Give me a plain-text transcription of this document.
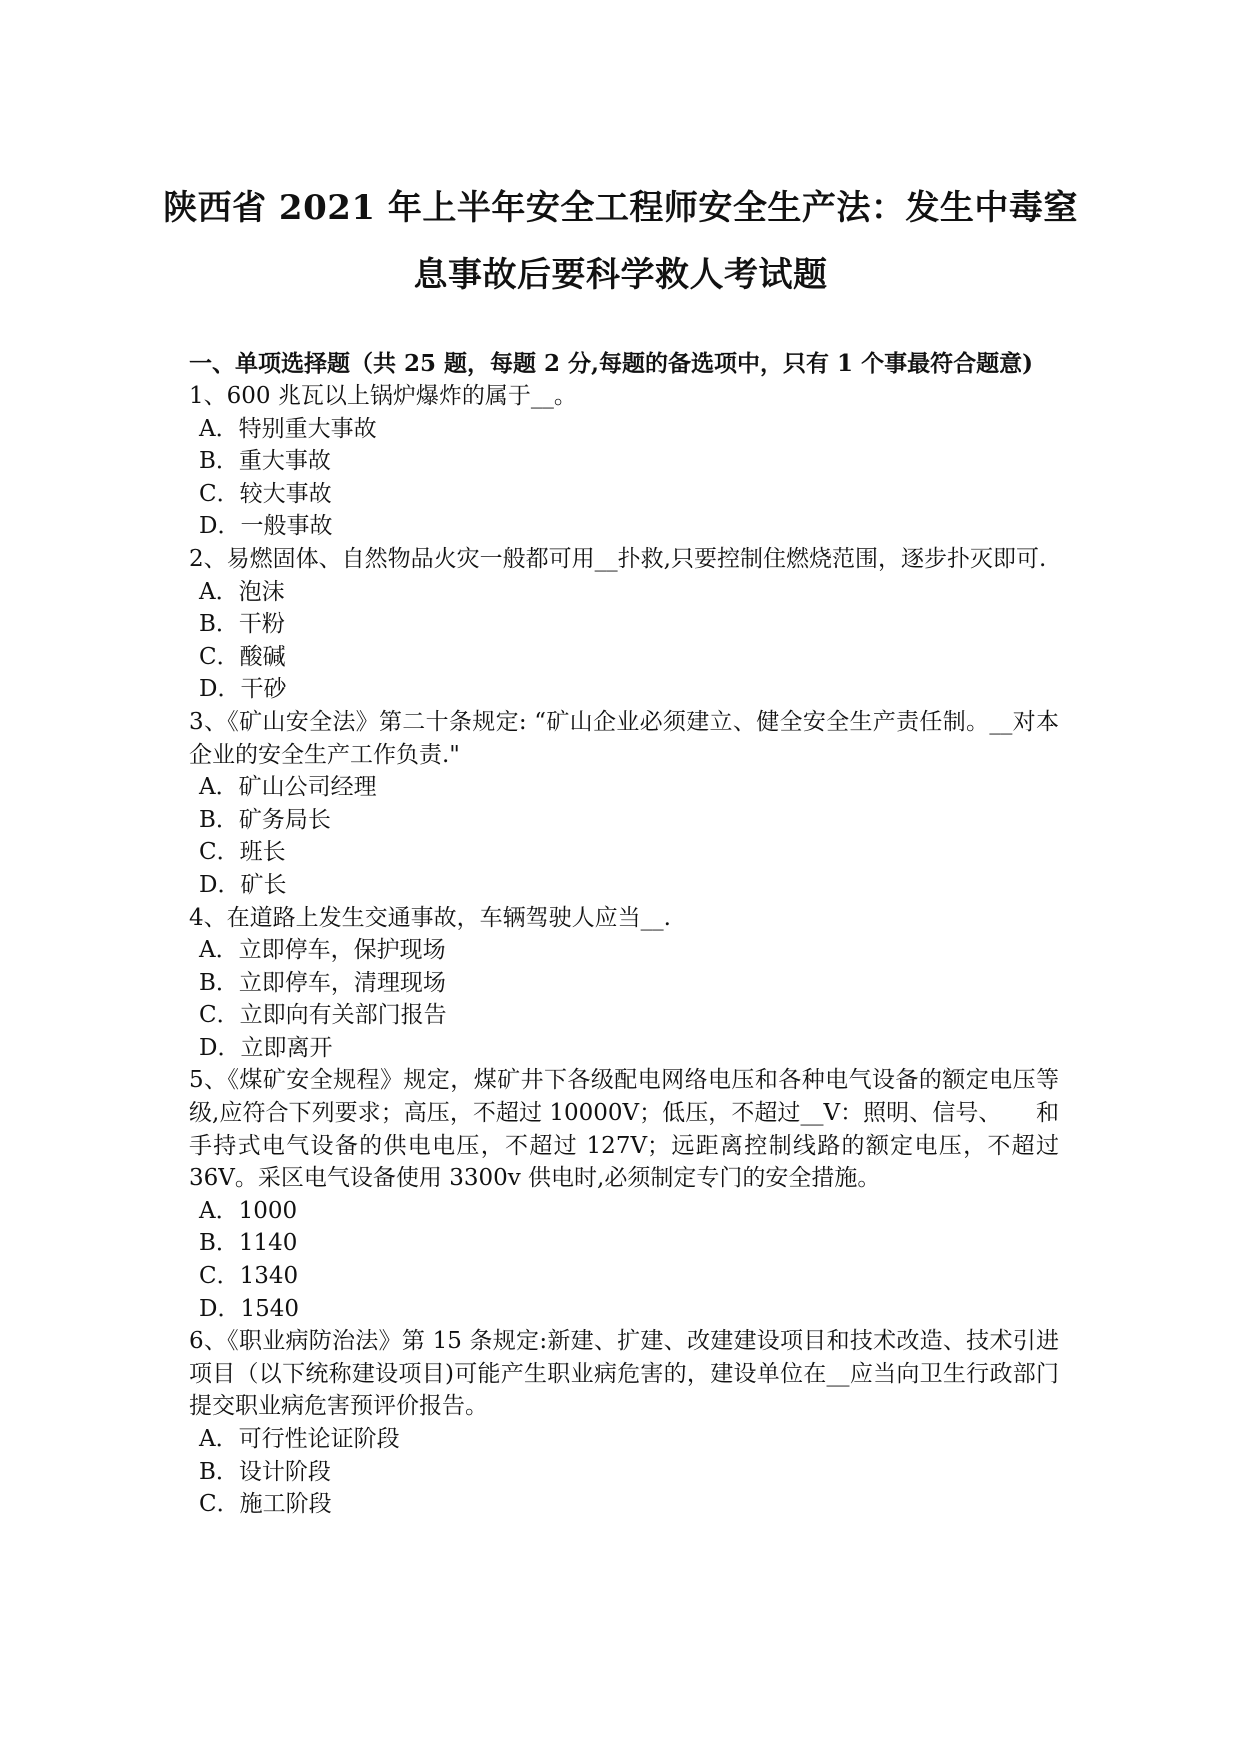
陕西省 2021 年上半年安全工程师安全生产法：发生中毒窒
息事故后要科学救人考试题

一、单项选择题（共 25 题，每题 2 分,每题的备选项中，只有 1 个事最符合题意)

1、600 兆瓦以上锅炉爆炸的属于__。

A．特别重大事故

B．重大事故

C．较大事故

D．一般事故

2、易燃固体、自然物品火灾一般都可用__扑救,只要控制住燃烧范围，逐步扑灭即可.

A．泡沫

B．干粉

C．酸碱

D．干砂

3、《矿山安全法》第二十条规定: “矿山企业必须建立、健全安全生产责任制。__对本企业的安全生产工作负责."

A．矿山公司经理

B．矿务局长

C．班长

D．矿长

4、在道路上发生交通事故，车辆驾驶人应当__.

A．立即停车，保护现场

B．立即停车，清理现场

C．立即向有关部门报告

D．立即离开

5、《煤矿安全规程》规定，煤矿井下各级配电网络电压和各种电气设备的额定电压等级,应符合下列要求；高压，不超过 10000V；低压，不超过__V：照明、信号、　　和手持式电气设备的供电电压，不超过 127V；远距离控制线路的额定电压，不超过 36V。采区电气设备使用 3300v 供电时,必须制定专门的安全措施。

A．1000

B．1140

C．1340

D．1540

6、《职业病防治法》第 15 条规定:新建、扩建、改建建设项目和技术改造、技术引进项目（以下统称建设项目)可能产生职业病危害的，建设单位在__应当向卫生行政部门提交职业病危害预评价报告。

A．可行性论证阶段

B．设计阶段

C．施工阶段
